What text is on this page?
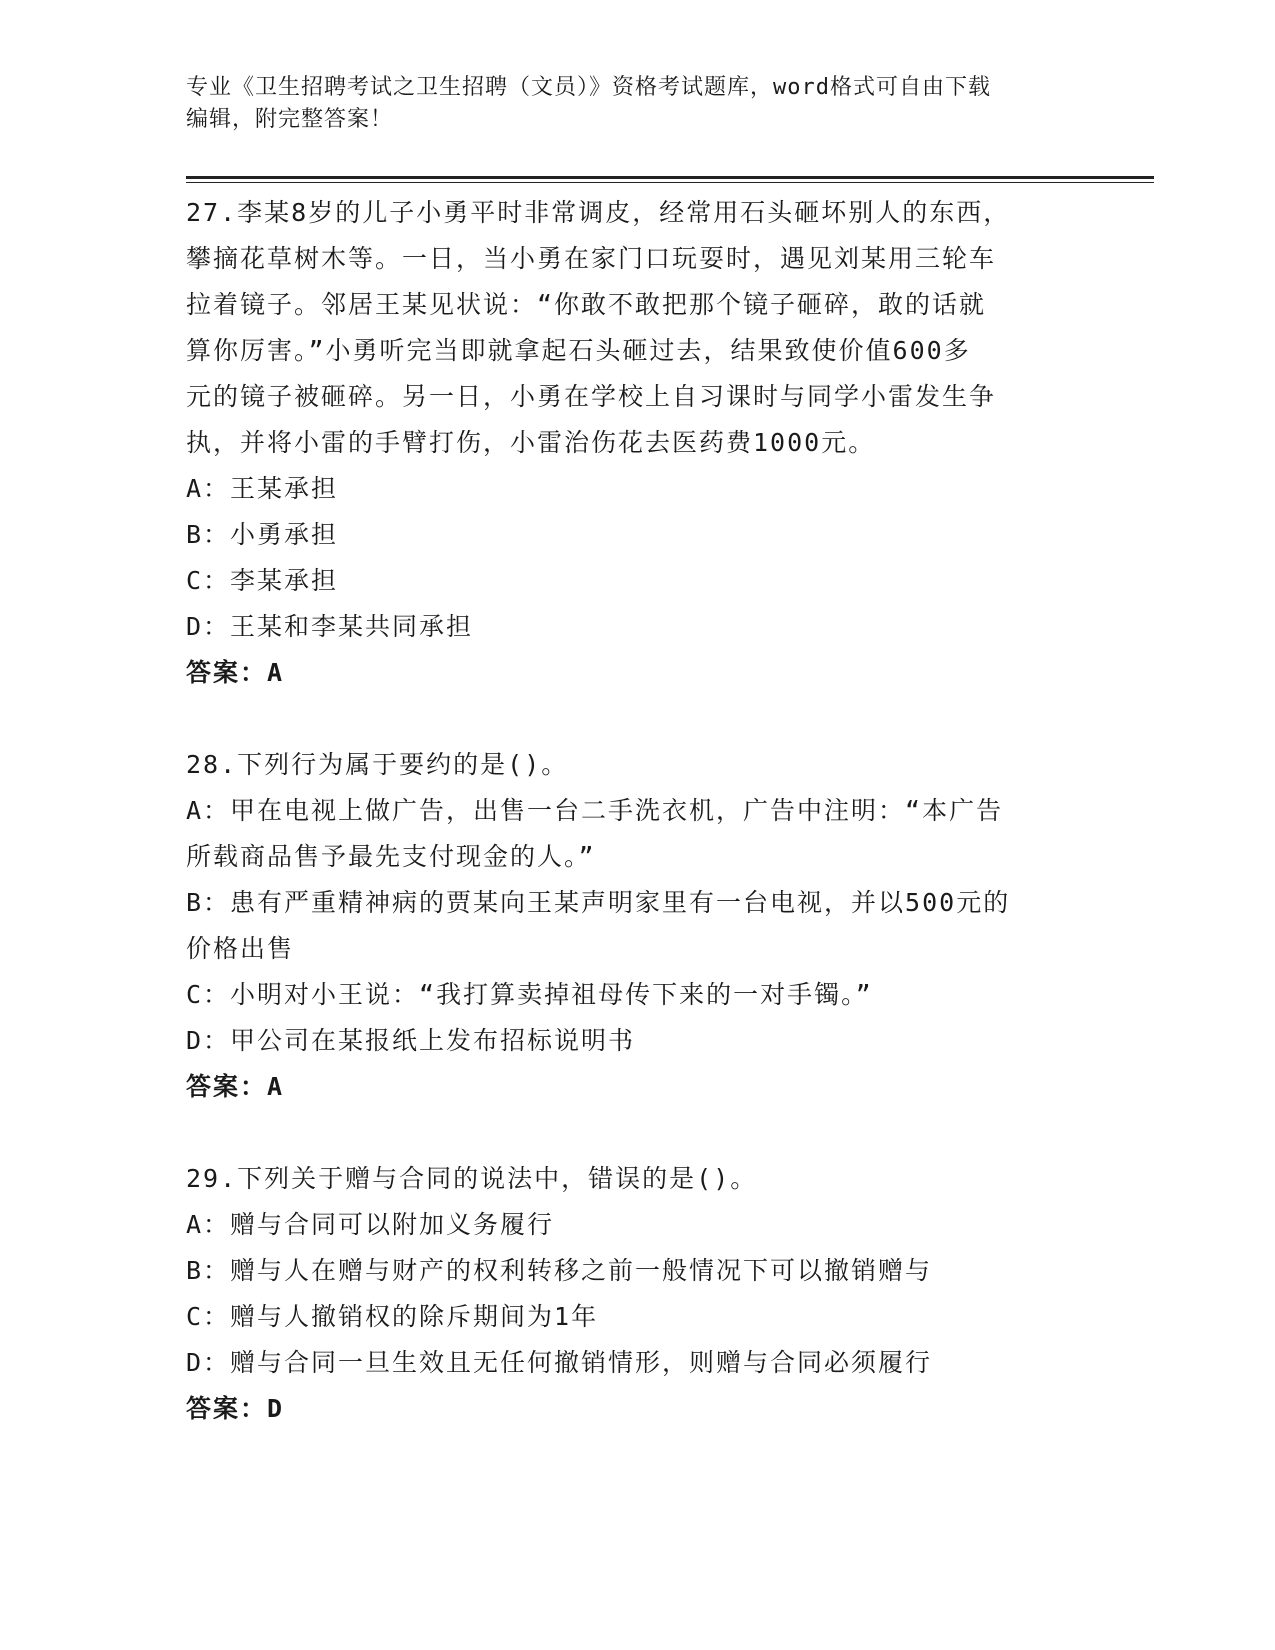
专业《卫生招聘考试之卫生招聘（文员）》资格考试题库，word格式可自由下载
编辑，附完整答案！
27.李某8岁的儿子小勇平时非常调皮，经常用石头砸坏别人的东西，
攀摘花草树木等。一日，当小勇在家门口玩耍时，遇见刘某用三轮车
拉着镜子。邻居王某见状说：“你敢不敢把那个镜子砸碎，敢的话就
算你厉害。”小勇听完当即就拿起石头砸过去，结果致使价值600多
元的镜子被砸碎。另一日，小勇在学校上自习课时与同学小雷发生争
执，并将小雷的手臂打伤，小雷治伤花去医药费1000元。
A：王某承担
B：小勇承担
C：李某承担
D：王某和李某共同承担
答案：A
28.下列行为属于要约的是()。
A：甲在电视上做广告，出售一台二手洗衣机，广告中注明：“本广告
所载商品售予最先支付现金的人。”
B：患有严重精神病的贾某向王某声明家里有一台电视，并以500元的
价格出售
C：小明对小王说：“我打算卖掉祖母传下来的一对手镯。”
D：甲公司在某报纸上发布招标说明书
答案：A
29.下列关于赠与合同的说法中，错误的是()。
A：赠与合同可以附加义务履行
B：赠与人在赠与财产的权利转移之前一般情况下可以撤销赠与
C：赠与人撤销权的除斥期间为1年
D：赠与合同一旦生效且无任何撤销情形，则赠与合同必须履行
答案：D
